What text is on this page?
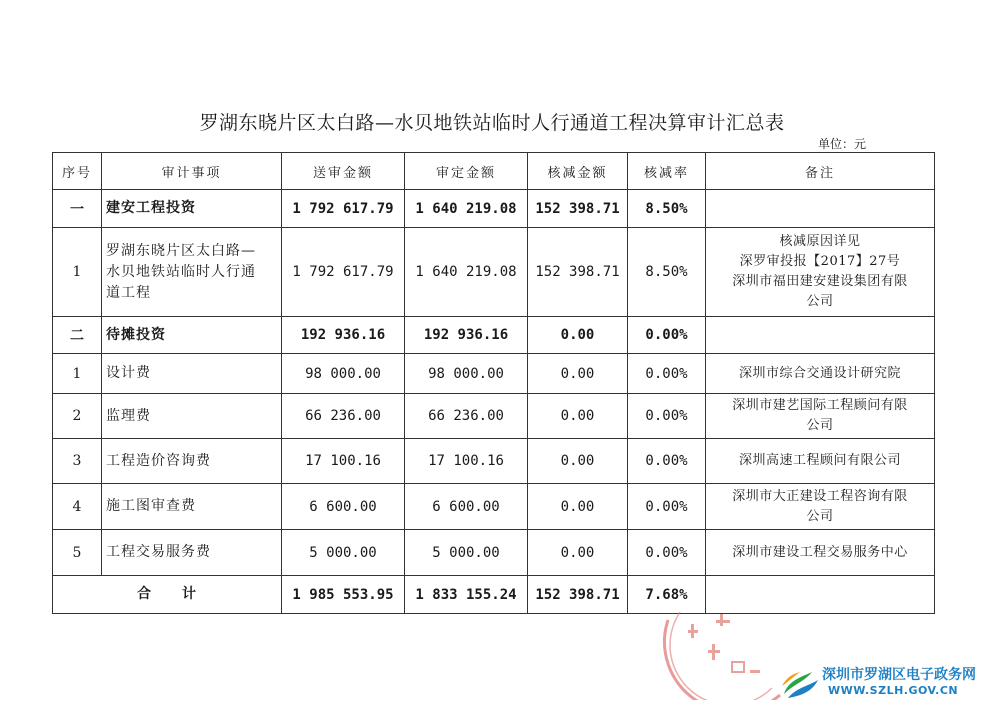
罗湖东晓片区太白路—水贝地铁站临时人行通道工程决算审计汇总表
单位：元
序号	审计事项	送审金额	审定金额	核减金额	核减率	备注
一	建安工程投资	1 792 617.79	1 640 219.08	152 398.71	8.50%	
1	罗湖东晓片区太白路—
水贝地铁站临时人行通
道工程	1 792 617.79	1 640 219.08	152 398.71	8.50%	核减原因详见
深罗审投报【2017】27号
深圳市福田建安建设集团有限
公司
二	待摊投资	192 936.16	192 936.16	0.00	0.00%	
1	设计费	98 000.00	98 000.00	0.00	0.00%	深圳市综合交通设计研究院
2	监理费	66 236.00	66 236.00	0.00	0.00%	深圳市建艺国际工程顾问有限
公司
3	工程造价咨询费	17 100.16	17 100.16	0.00	0.00%	深圳高速工程顾问有限公司
4	施工图审查费	6 600.00	6 600.00	0.00	0.00%	深圳市大正建设工程咨询有限
公司
5	工程交易服务费	5 000.00	5 000.00	0.00	0.00%	深圳市建设工程交易服务中心
合　　计		1 985 553.95	1 833 155.24	152 398.71	7.68%	
深圳市罗湖区电子政务网
WWW.SZLH.GOV.CN
